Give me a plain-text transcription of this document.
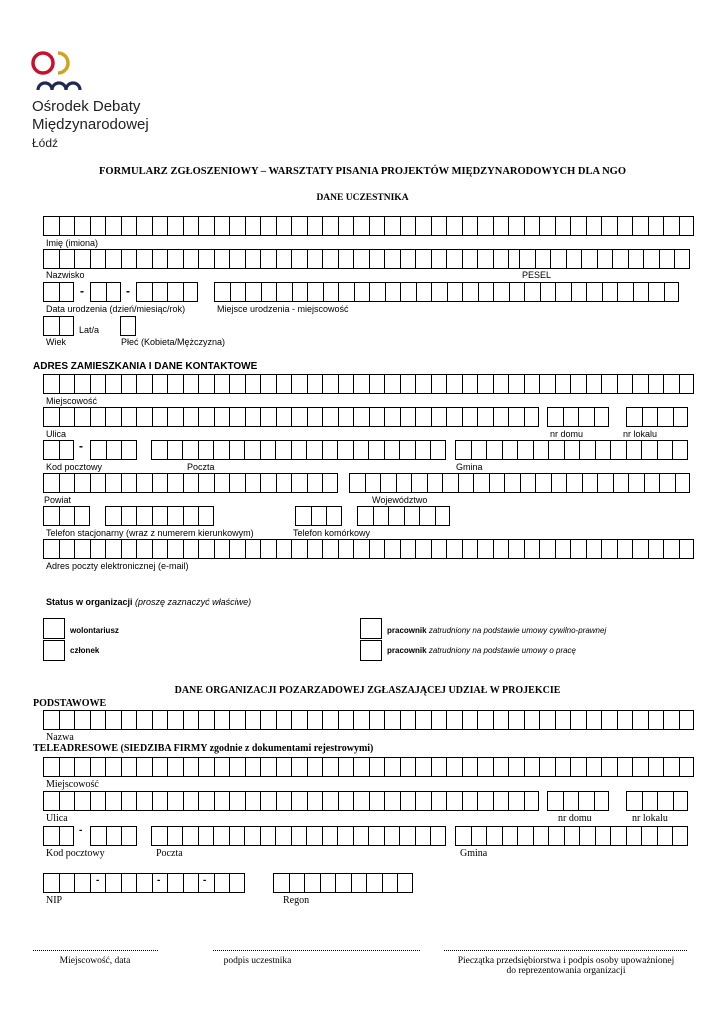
Ośrodek Debaty
Międzynarodowej
Łódź
FORMULARZ ZGŁOSZENIOWY – WARSZTATY PISANIA PROJEKTÓW MIĘDZYNARODOWYCH DLA NGO
DANE UCZESTNIKA
Imię (imiona)
Nazwisko	PESEL
-	-
Data urodzenia (dzień/miesiąc/rok)	Miejsce urodzenia - miejscowość
Lat/a
Wiek	Płeć (Kobieta/Mężczyzna)
ADRES ZAMIESZKANIA I DANE KONTAKTOWE
Miejscowość
Ulica	nr domu	nr lokalu
-
Kod pocztowy	Poczta	Gmina
Powiat	Województwo
Telefon stacjonarny (wraz z numerem kierunkowym)	Telefon komórkowy
Adres poczty elektronicznej (e-mail)
Status w organizacji (proszę zaznaczyć właściwe)
wolontariusz
członek
pracownik zatrudniony na podstawie umowy cywilno-prawnej
pracownik zatrudniony na podstawie umowy o pracę
DANE ORGANIZACJI POZARZADOWEJ ZGŁASZAJĄCEJ UDZIAŁ W PROJEKCIE
PODSTAWOWE
Nazwa
TELEADRESOWE (SIEDZIBA FIRMY zgodnie z dokumentami rejestrowymi)
Miejscowość
Ulica	nr domu	nr lokalu
-
Kod pocztowy	Poczta	Gmina
-	-	-
NIP	Regon
Miejscowość, data	podpis uczestnika	Pieczątka przedsiębiorstwa i podpis osoby upoważnionej
do reprezentowania organizacji
